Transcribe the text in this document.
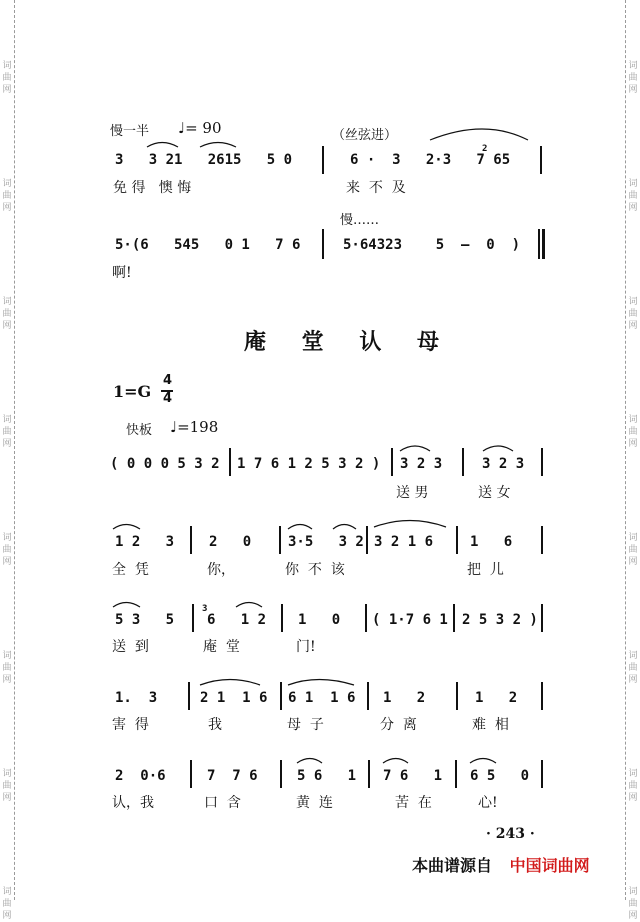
词
曲
网
词
曲
网
词
曲
网
词
曲
网
词
曲
网
词
曲
网
词
曲
网
词
曲
网
词
曲
网
词
曲
网
词
曲
网
词
曲
网
词
曲
网
词
曲
网
词
曲
网
词
曲
网
慢一半 ♩= 90	（丝弦进）
2
3   3 21   2615   5 0	6 ·  3   2·3   7 65
免 得   懊 悔	来  不  及
慢……
5·(6   545   0 1   7 6	5·64323    5  –  0  )
啊!
庵 堂 认 母
1=G
4
4
快板 ♩=198
( 0 0 0 5 3 2 1 7 6 1 2 5 3 2 ) 3 2 3	3 2 3
送 男	送 女
1 2   3 2   0	3·5   3 2 3 2 1 6	1   6
全  凭	你，	你  不  该	把  儿
5 3   5
3
6   1 2 1   0 ( 1·7 6 1 2 5 3 2 )
送  到	庵  堂	门!
1.  3	2 1  1 6 6 1  1 6 1   2	1   2
害  得	我	母  子	分  离	难  相
2  0·6	7  7 6	5 6   1 7 6   1 6 5   0
认，我	口  含	黄  连	苦  在	心!
· 243 ·
本曲谱源自 中国词曲网
